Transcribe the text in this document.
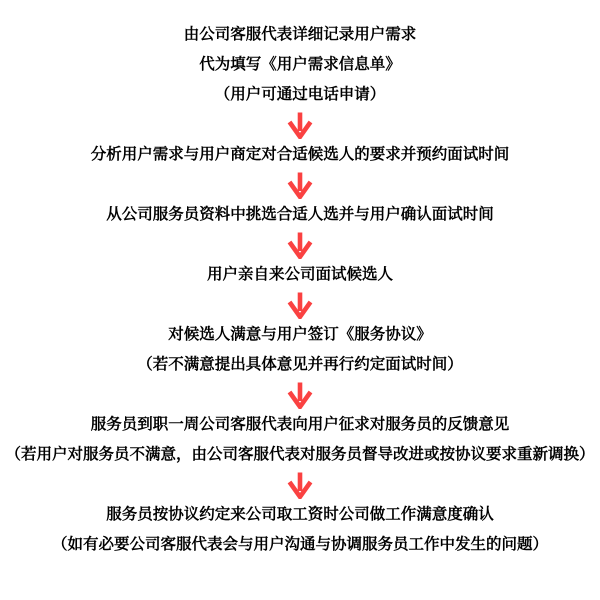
由公司客服代表详细记录用户需求
代为填写《用户需求信息单》
（用户可通过电话申请）
分析用户需求与用户商定对合适候选人的要求并预约面试时间
从公司服务员资料中挑选合适人选并与用户确认面试时间
用户亲自来公司面试候选人
对候选人满意与用户签订《服务协议》
（若不满意提出具体意见并再行约定面试时间）
服务员到职一周公司客服代表向用户征求对服务员的反馈意见
（若用户对服务员不满意，由公司客服代表对服务员督导改进或按协议要求重新调换）
服务员按协议约定来公司取工资时公司做工作满意度确认
（如有必要公司客服代表会与用户沟通与协调服务员工作中发生的问题）
